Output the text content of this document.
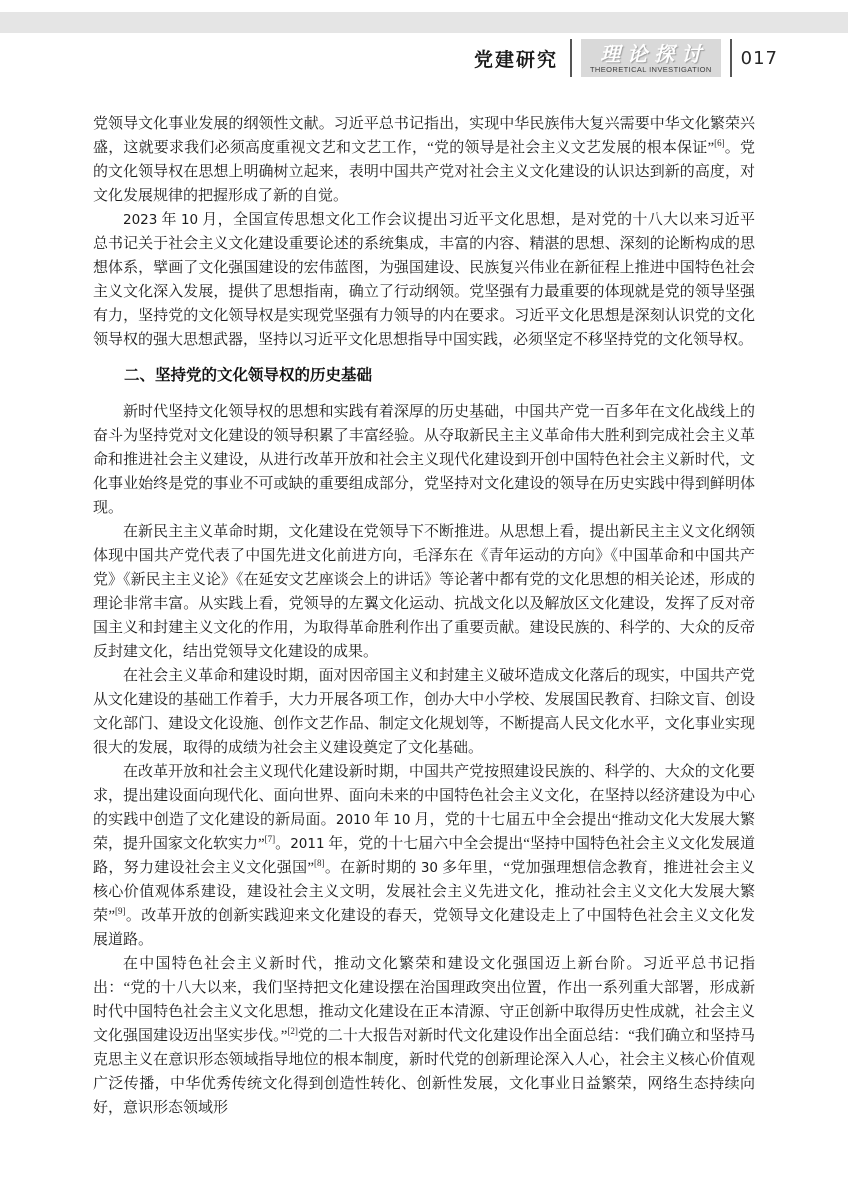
党建研究	理论探讨
THEORETICAL INVESTIGATION
017

党领导文化事业发展的纲领性文献。习近平总书记指出，实现中华民族伟大复兴需要中华文化繁荣兴盛，这就要求我们必须高度重视文艺和文艺工作，“党的领导是社会主义文艺发展的根本保证”[6]。党的文化领导权在思想上明确树立起来，表明中国共产党对社会主义文化建设的认识达到新的高度，对文化发展规律的把握形成了新的自觉。

2023 年 10 月，全国宣传思想文化工作会议提出习近平文化思想，是对党的十八大以来习近平总书记关于社会主义文化建设重要论述的系统集成，丰富的内容、精湛的思想、深刻的论断构成的思想体系，擘画了文化强国建设的宏伟蓝图，为强国建设、民族复兴伟业在新征程上推进中国特色社会主义文化深入发展，提供了思想指南，确立了行动纲领。党坚强有力最重要的体现就是党的领导坚强有力，坚持党的文化领导权是实现党坚强有力领导的内在要求。习近平文化思想是深刻认识党的文化领导权的强大思想武器，坚持以习近平文化思想指导中国实践，必须坚定不移坚持党的文化领导权。

二、坚持党的文化领导权的历史基础

新时代坚持文化领导权的思想和实践有着深厚的历史基础，中国共产党一百多年在文化战线上的奋斗为坚持党对文化建设的领导积累了丰富经验。从夺取新民主主义革命伟大胜利到完成社会主义革命和推进社会主义建设，从进行改革开放和社会主义现代化建设到开创中国特色社会主义新时代，文化事业始终是党的事业不可或缺的重要组成部分，党坚持对文化建设的领导在历史实践中得到鲜明体现。

在新民主主义革命时期，文化建设在党领导下不断推进。从思想上看，提出新民主主义文化纲领体现中国共产党代表了中国先进文化前进方向，毛泽东在《青年运动的方向》《中国革命和中国共产党》《新民主主义论》《在延安文艺座谈会上的讲话》等论著中都有党的文化思想的相关论述，形成的理论非常丰富。从实践上看，党领导的左翼文化运动、抗战文化以及解放区文化建设，发挥了反对帝国主义和封建主义文化的作用，为取得革命胜利作出了重要贡献。建设民族的、科学的、大众的反帝反封建文化，结出党领导文化建设的成果。

在社会主义革命和建设时期，面对因帝国主义和封建主义破坏造成文化落后的现实，中国共产党从文化建设的基础工作着手，大力开展各项工作，创办大中小学校、发展国民教育、扫除文盲、创设文化部门、建设文化设施、创作文艺作品、制定文化规划等，不断提高人民文化水平，文化事业实现很大的发展，取得的成绩为社会主义建设奠定了文化基础。

在改革开放和社会主义现代化建设新时期，中国共产党按照建设民族的、科学的、大众的文化要求，提出建设面向现代化、面向世界、面向未来的中国特色社会主义文化，在坚持以经济建设为中心的实践中创造了文化建设的新局面。2010 年 10 月，党的十七届五中全会提出“推动文化大发展大繁荣，提升国家文化软实力”[7]。2011 年，党的十七届六中全会提出“坚持中国特色社会主义文化发展道路，努力建设社会主义文化强国”[8]。在新时期的 30 多年里，“党加强理想信念教育，推进社会主义核心价值观体系建设，建设社会主义文明，发展社会主义先进文化，推动社会主义文化大发展大繁荣”[9]。改革开放的创新实践迎来文化建设的春天，党领导文化建设走上了中国特色社会主义文化发展道路。

在中国特色社会主义新时代，推动文化繁荣和建设文化强国迈上新台阶。习近平总书记指出：“党的十八大以来，我们坚持把文化建设摆在治国理政突出位置，作出一系列重大部署，形成新时代中国特色社会主义文化思想，推动文化建设在正本清源、守正创新中取得历史性成就，社会主义文化强国建设迈出坚实步伐。”[2]党的二十大报告对新时代文化建设作出全面总结：“我们确立和坚持马克思主义在意识形态领域指导地位的根本制度，新时代党的创新理论深入人心，社会主义核心价值观广泛传播，中华优秀传统文化得到创造性转化、创新性发展，文化事业日益繁荣，网络生态持续向好，意识形态领域形
